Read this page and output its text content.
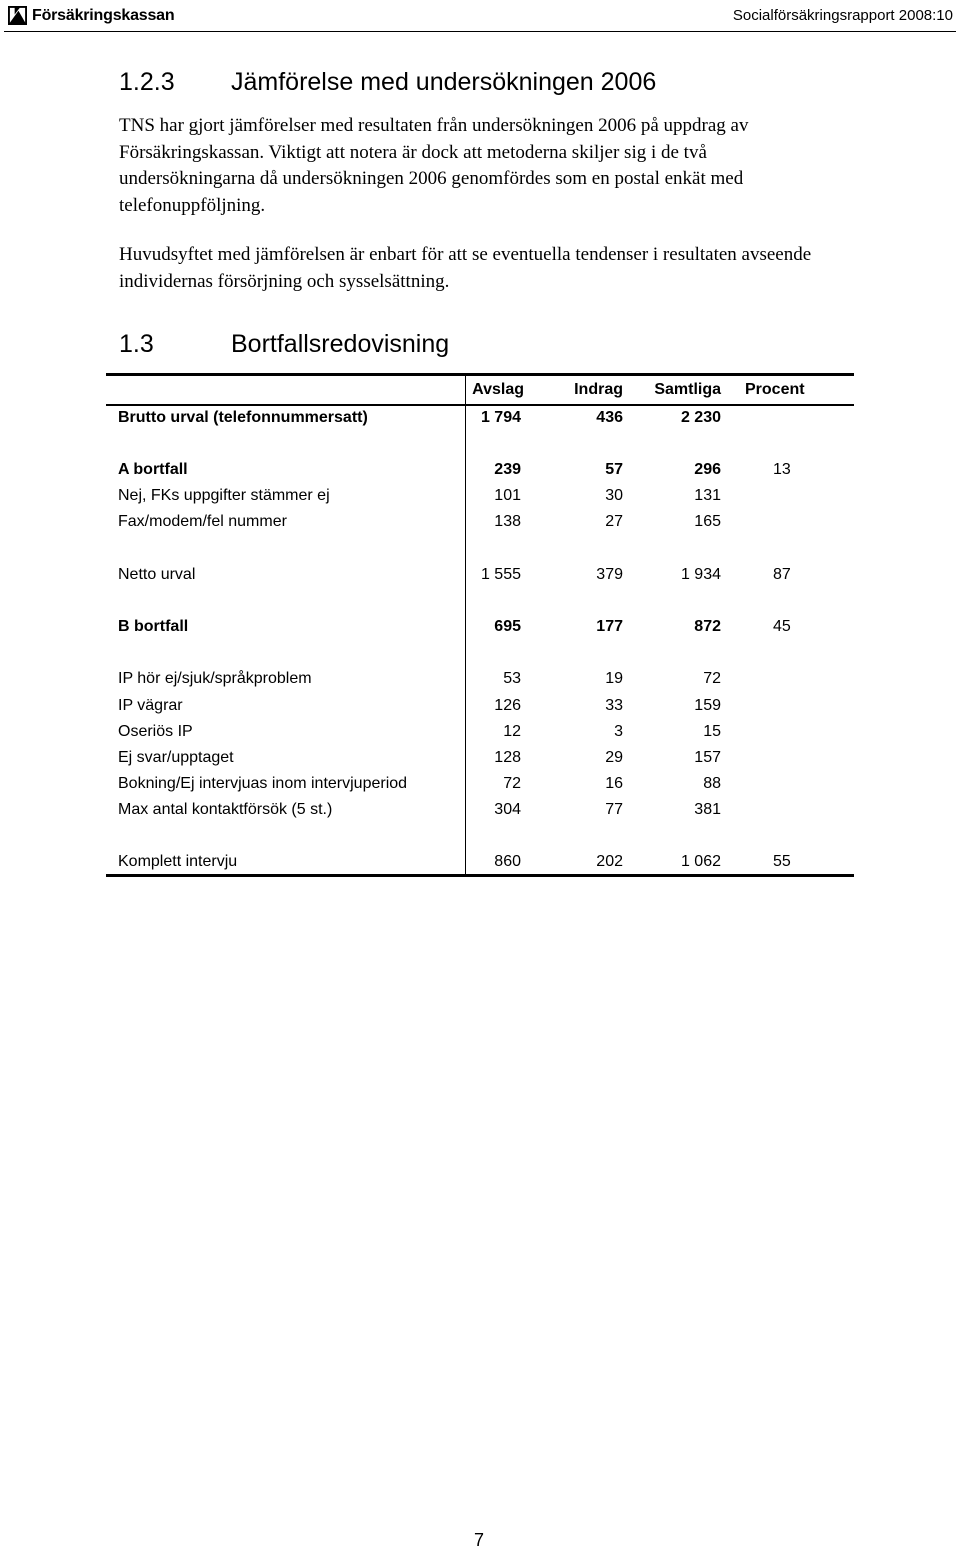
Försäkringskassan	Socialförsäkringsrapport 2008:10
1.2.3 Jämförelse med undersökningen 2006

TNS har gjort jämförelser med resultaten från undersökningen 2006 på uppdrag av Försäkringskassan. Viktigt att notera är dock att metoderna skiljer sig i de två undersökningarna då undersökningen 2006 genomfördes som en postal enkät med telefonuppföljning.

Huvudsyftet med jämförelsen är enbart för att se eventuella tendenser i resultaten avseende individernas försörjning och sysselsättning.

1.3	Bortfallsredovisning
	Avslag	Indrag	Samtliga	Procent
Brutto urval (telefonnummersatt)	1 794	436	2 230	

A bortfall	239	57	296	13
Nej, FKs uppgifter stämmer ej	101	30	131	
Fax/modem/fel nummer	138	27	165	

Netto urval	1 555	379	1 934	87

B bortfall	695	177	872	45

IP hör ej/sjuk/språkproblem	53	19	72	
IP vägrar	126	33	159	
Oseriös IP	12	3	15	
Ej svar/upptaget	128	29	157	
Bokning/Ej intervjuas inom intervjuperiod	72	16	88	
Max antal kontaktförsök (5 st.)	304	77	381	

Komplett intervju	860	202	1 062	55
7
